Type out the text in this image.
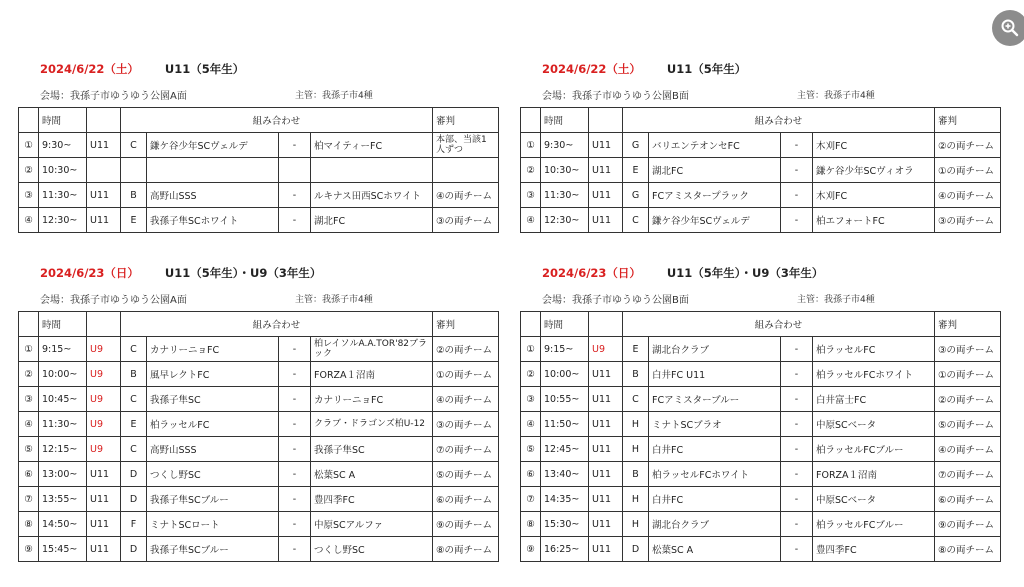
2024/6/22（土） U11（5年生）
会場：我孫子市ゆうゆう公園A面	主管：我孫子市4種
	時間		組み合わせ				審判
①	9:30~	U11	C	鎌ケ谷少年SCヴェルデ	-	柏マイティーFC	本部、当該1人ずつ
②	10:30~						
③	11:30~	U11	B	高野山SSS	-	ルキナス田西SCホワイト	④の両チーム
④	12:30~	U11	E	我孫子隼SCホワイト	-	湖北FC	③の両チーム
2024/6/22（土） U11（5年生）
会場：我孫子市ゆうゆう公園B面	主管：我孫子市4種
	時間		組み合わせ				審判
①	9:30~	U11	G	バリエンテオンセFC	-	木刈FC	②の両チーム
②	10:30~	U11	E	湖北FC	-	鎌ケ谷少年SCヴィオラ	①の両チーム
③	11:30~	U11	G	FCアミスタープラック	-	木刈FC	④の両チーム
④	12:30~	U11	C	鎌ケ谷少年SCヴェルデ	-	柏エフォートFC	③の両チーム
2024/6/23（日） U11（5年生）・U9（3年生）
会場：我孫子市ゆうゆう公園A面	主管：我孫子市4種
	時間		組み合わせ				審判
①	9:15~	U9	C	カナリーニョFC	-	柏レイソルA.A.TOR'82ブラック	②の両チーム
②	10:00~	U9	B	風早レクトFC	-	FORZA１沼南	①の両チーム
③	10:45~	U9	C	我孫子隼SC	-	カナリーニョFC	④の両チーム
④	11:30~	U9	E	柏ラッセルFC	-	クラブ・ドラゴンズ柏U-12	③の両チーム
⑤	12:15~	U9	C	高野山SSS	-	我孫子隼SC	⑦の両チーム
⑥	13:00~	U11	D	つくし野SC	-	松葉SC A	⑤の両チーム
⑦	13:55~	U11	D	我孫子隼SCブルー	-	豊四季FC	⑥の両チーム
⑧	14:50~	U11	F	ミナトSCロート	-	中原SCアルファ	⑨の両チーム
⑨	15:45~	U11	D	我孫子隼SCブルー	-	つくし野SC	⑧の両チーム
2024/6/23（日） U11（5年生）・U9（3年生）
会場：我孫子市ゆうゆう公園B面	主管：我孫子市4種
	時間		組み合わせ				審判
①	9:15~	U9	E	湖北台クラブ	-	柏ラッセルFC	③の両チーム
②	10:00~	U11	B	白井FC U11	-	柏ラッセルFCホワイト	①の両チーム
③	10:55~	U11	C	FCアミスターブルー	-	白井富士FC	②の両チーム
④	11:50~	U11	H	ミナトSCブラオ	-	中原SCベータ	⑤の両チーム
⑤	12:45~	U11	H	白井FC	-	柏ラッセルFCブルー	④の両チーム
⑥	13:40~	U11	B	柏ラッセルFCホワイト	-	FORZA１沼南	⑦の両チーム
⑦	14:35~	U11	H	白井FC	-	中原SCベータ	⑥の両チーム
⑧	15:30~	U11	H	湖北台クラブ	-	柏ラッセルFCブルー	⑨の両チーム
⑨	16:25~	U11	D	松葉SC A	-	豊四季FC	⑧の両チーム
